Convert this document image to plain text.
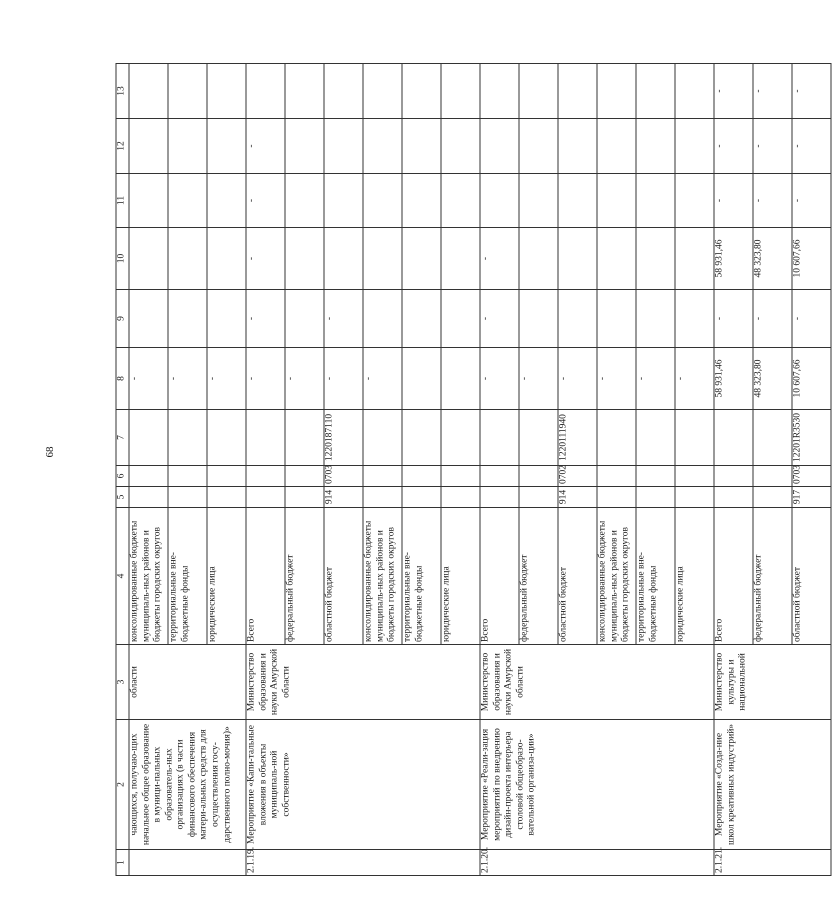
68
1	2	3	4	5	6	7	8	9	10	11	12	13
	чающихся, получаю-щих начальное общее образование в муници-пальных образователь-ных организациях (в части финансового обеспечения матери-альных средств для осуществления госу-дарственного полно-мочия)»	области	консолидированные бюджеты муниципаль-ных районов и бюджеты городских округов				-					
			территориальные вне-бюджетные фонды				-					
			юридические лица				-					
2.1.19.	Мероприятие «Капи-тальные вложения в объекты муниципаль-ной собственности»	Министерство образования и науки Амурской области	Всего				-	-	-	-	-	
			федеральный бюджет				-					
			областной бюджет	914	0703	1220187110	-	-				
			консолидированные бюджеты муниципаль-ных районов и бюджеты городских округов				-					
			территориальные вне-бюджетные фонды									
			юридические лица									
2.1.20.	Мероприятие «Реали-зация мероприятий по внедрению дизайн-проекта интерьера столовой общеобразо-вательной организа-ции»	Министерство образования и науки Амурской области	Всего				-	-	-			
			федеральный бюджет				-					
			областной бюджет	914	0702	1220111940	-					
			консолидированные бюджеты муниципаль-ных районов и бюджеты городских округов				-					
			территориальные вне-бюджетные фонды				-					
			юридические лица				-					
2.1.21.	Мероприятие «Созда-ние школ креативных индустрий»	Министерство культуры и национальной	Всего				58 931,46	-	58 931,46	-	-	-
			федеральный бюджет				48 323,80	-	48 323,80	-	-	-
			областной бюджет	917	0703	12201R3530	10 607,66	-	10 607,66	-	-	-
